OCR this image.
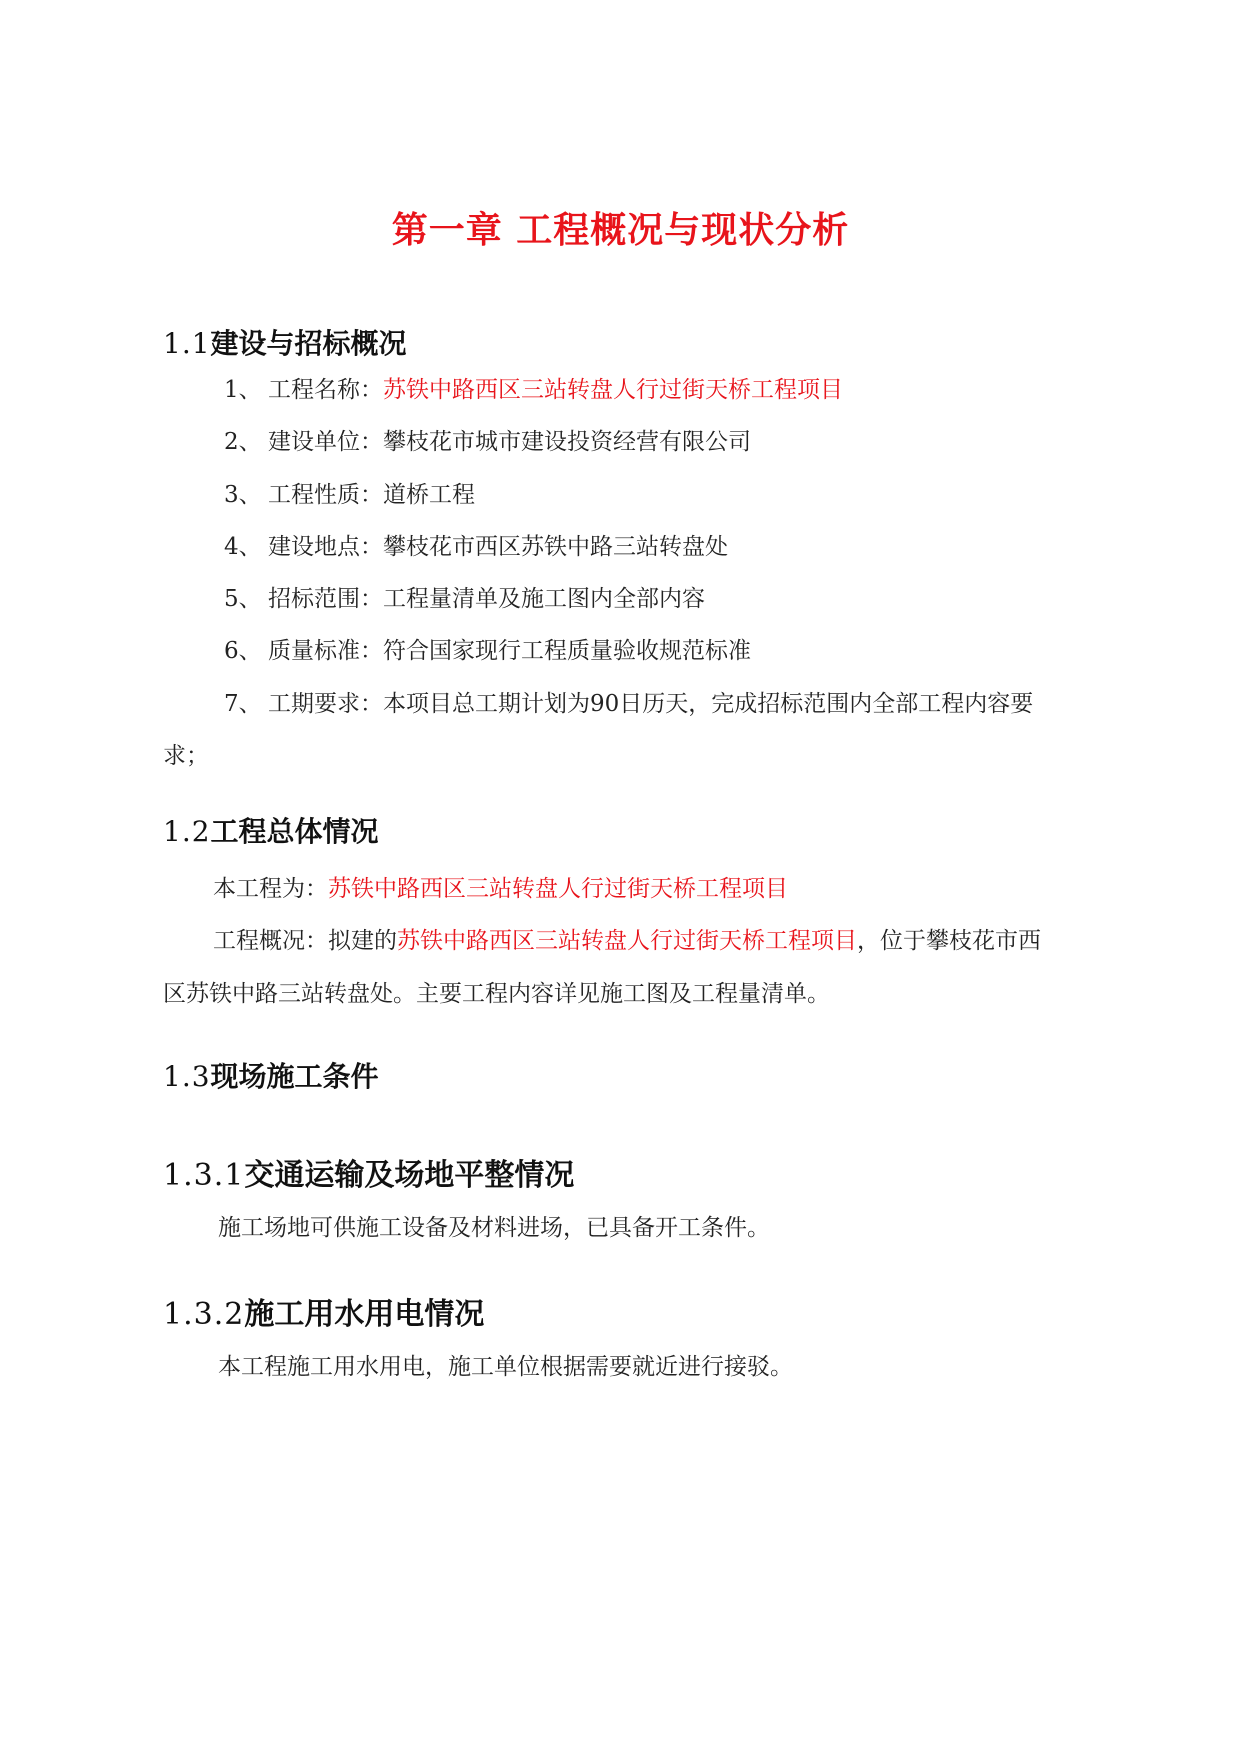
第一章 工程概况与现状分析
1.1建设与招标概况

1、 工程名称：苏铁中路西区三站转盘人行过街天桥工程项目

2、 建设单位：攀枝花市城市建设投资经营有限公司

3、 工程性质：道桥工程

4、 建设地点：攀枝花市西区苏铁中路三站转盘处

5、 招标范围：工程量清单及施工图内全部内容

6、 质量标准：符合国家现行工程质量验收规范标准

7、 工期要求：本项目总工期计划为90日历天，完成招标范围内全部工程内容要

求；

1.2工程总体情况

本工程为：苏铁中路西区三站转盘人行过街天桥工程项目

工程概况：拟建的苏铁中路西区三站转盘人行过街天桥工程项目，位于攀枝花市西

区苏铁中路三站转盘处。主要工程内容详见施工图及工程量清单。

1.3现场施工条件
1.3.1交通运输及场地平整情况

施工场地可供施工设备及材料进场，已具备开工条件。

1.3.2施工用水用电情况

本工程施工用水用电，施工单位根据需要就近进行接驳。
